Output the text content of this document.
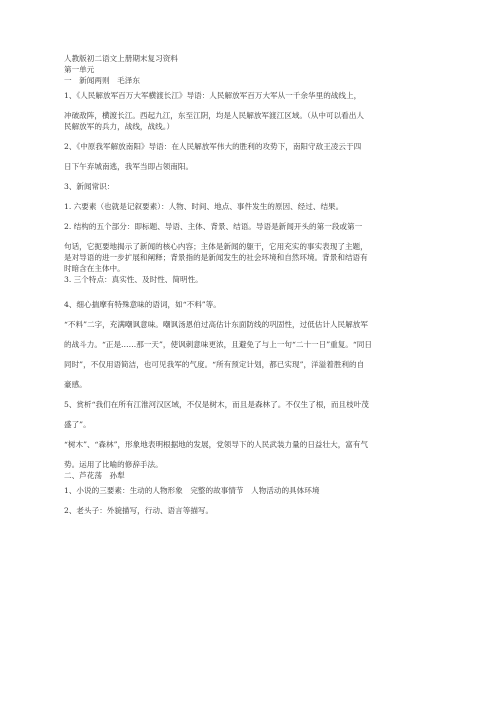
人教版初二语文上册期末复习资料
第一单元
一　新闻两则　毛泽东
1、《人民解放军百万大军横渡长江》导语：人民解放军百万大军从一千余华里的战线上，
冲破敌阵，横渡长江。西起九江，东至江阴，均是人民解放军渡江区域。（从中可以看出人
民解放军的兵力，战线，战线。）
2、《中原我军解放南阳》导语：在人民解放军伟大的胜利的攻势下，南阳守敌王凌云于四
日下午弃城南逃，我军当即占领南阳。
3、新闻常识：
1. 六要素（也就是记叙要素）：人物、时间、地点、事件发生的原因、经过、结果。
2. 结构的五个部分：即标题、导语、主体、背景、结语。导语是新闻开头的第一段或第一
句话，它扼要地揭示了新闻的核心内容；主体是新闻的躯干，它用充实的事实表现了主题，
是对导语的进一步扩展和阐释；背景指的是新闻发生的社会环境和自然环境。背景和结语有
时暗含在主体中。
3. 三个特点：真实性、及时性、简明性。
4、细心揣摩有特殊意味的语词，如“不料”等。
“不料”二字，充满嘲讽意味。嘲讽汤恩伯过高估计东面防线的巩固性，过低估计人民解放军
的战斗力。“正是……那一天”，使讽刺意味更浓，且避免了与上一句“二十一日”重复。“同日
同时”，不仅用语简洁，也可见我军的气度。“所有预定计划，都已实现”，洋溢着胜利的自
豪感。
5、赏析“我们在所有江淮河汉区域，不仅是树木，而且是森林了。不仅生了根，而且枝叶茂
盛了”。
“树木”、“森林”，形象地表明根据地的发展，党领导下的人民武装力量的日益壮大，富有气
势。运用了比喻的修辞手法。
二、芦花荡　孙犁
1、小说的三要素：生动的人物形象　完整的故事情节　人物活动的具体环境
2、老头子：外貌描写，行动、语言等描写。
